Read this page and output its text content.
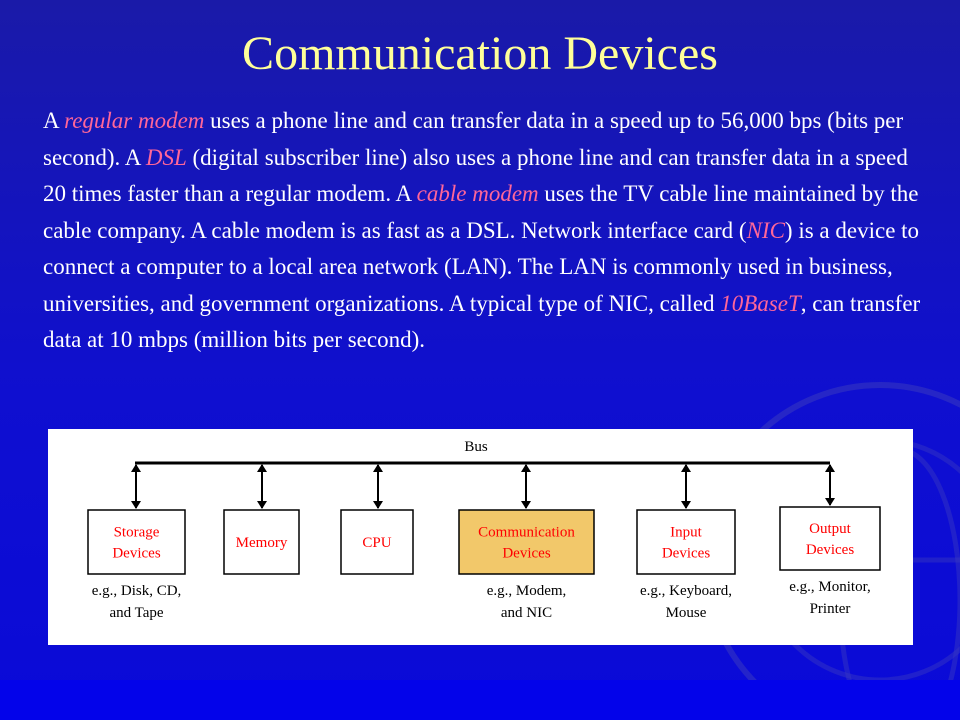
Communication Devices
A regular modem uses a phone line and can transfer data in a speed up to 56,000 bps (bits per second). A DSL (digital subscriber line) also uses a phone line and can transfer data in a speed 20 times faster than a regular modem. A cable modem uses the TV cable line maintained by the cable company. A cable modem is as fast as a DSL. Network interface card (NIC) is a device to connect a computer to a local area network (LAN). The LAN is commonly used in business, universities, and government organizations. A typical type of NIC, called 10BaseT, can transfer data at 10 mbps (million bits per second).
Bus
Storage
Devices
e.g., Disk, CD,
and Tape
Memory	CPU
Communication
Devices
e.g., Modem,
and NIC
Input
Devices
e.g., Keyboard,
Mouse
Output
Devices
e.g., Monitor,
Printer
